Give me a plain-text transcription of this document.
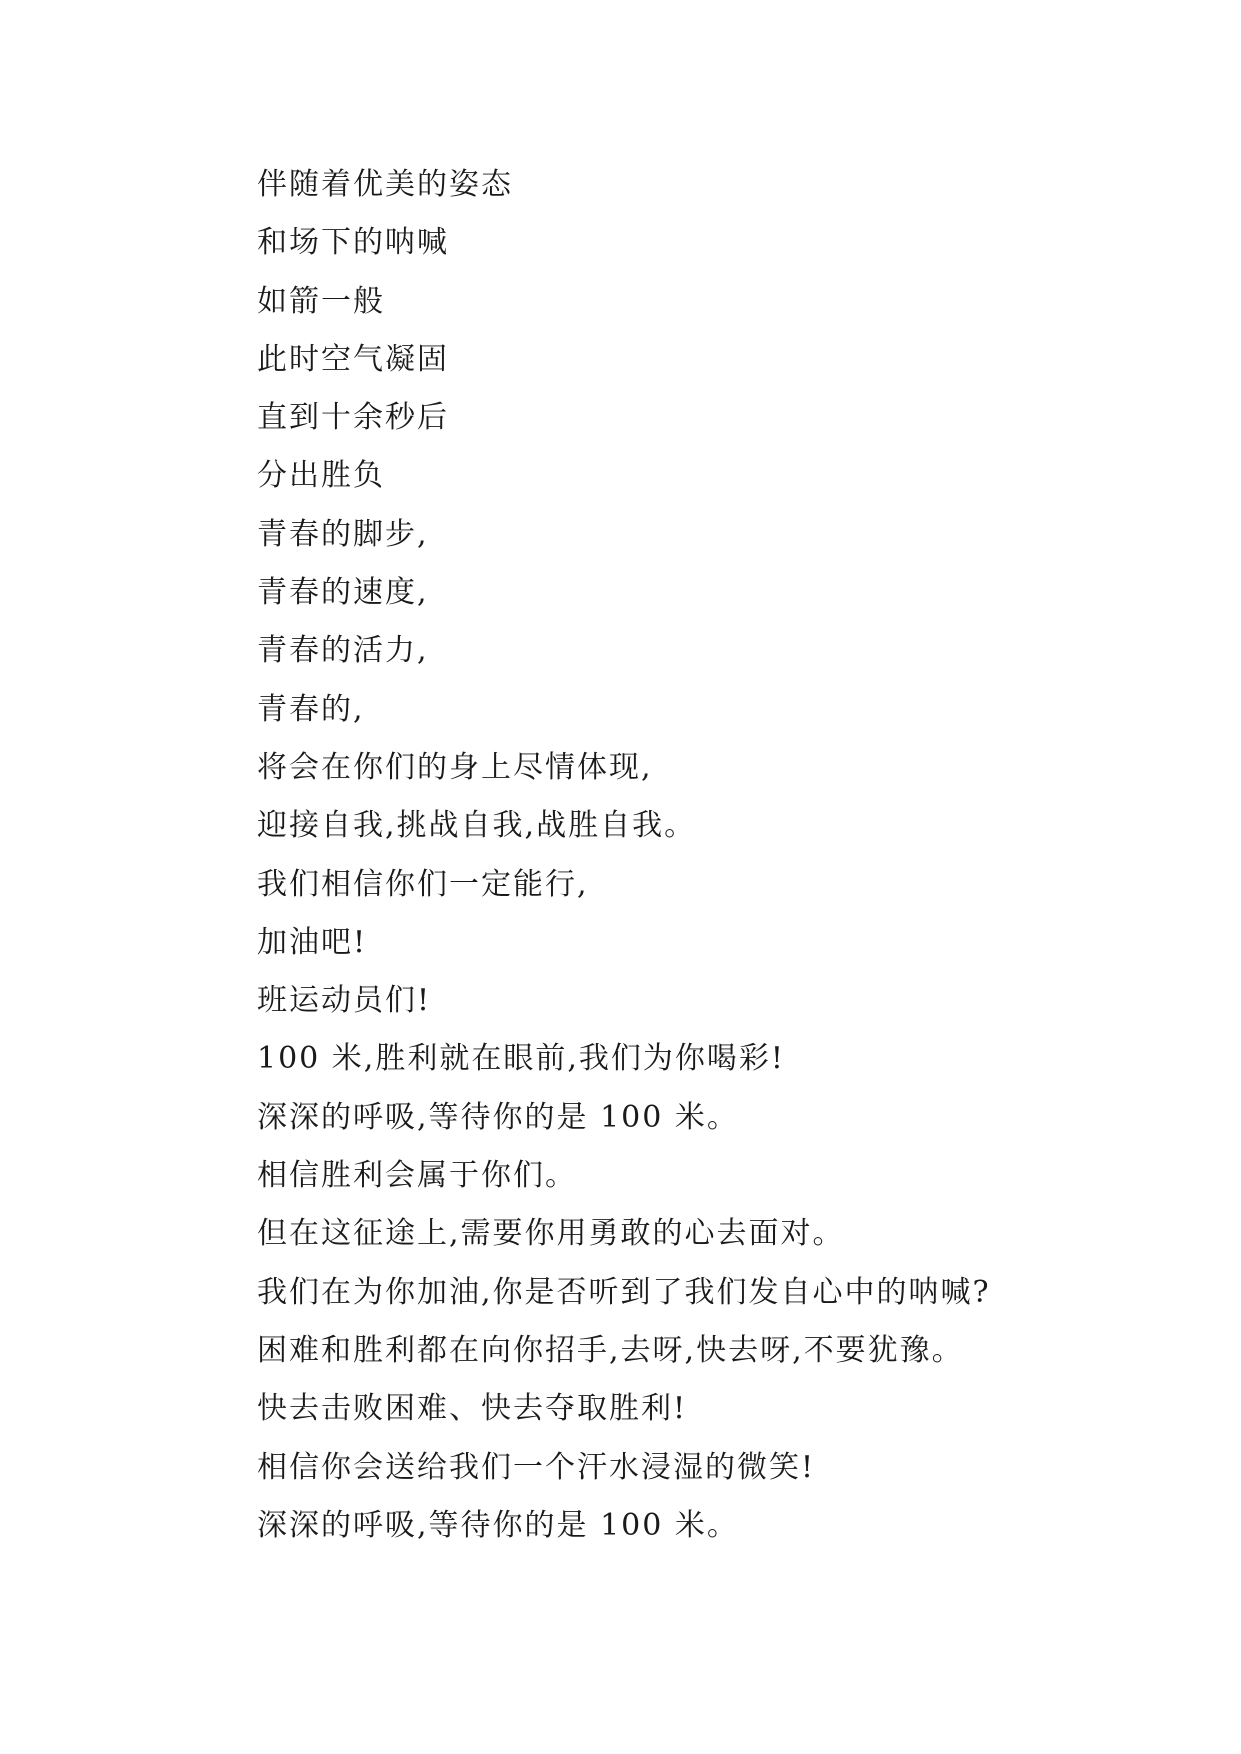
伴随着优美的姿态
和场下的呐喊
如箭一般
此时空气凝固
直到十余秒后
分出胜负
青春的脚步,
青春的速度,
青春的活力,
青春的,
将会在你们的身上尽情体现,
迎接自我,挑战自我,战胜自我。
我们相信你们一定能行,
加油吧!
班运动员们!
100 米,胜利就在眼前,我们为你喝彩!
深深的呼吸,等待你的是 100 米。
相信胜利会属于你们。
但在这征途上,需要你用勇敢的心去面对。
我们在为你加油,你是否听到了我们发自心中的呐喊?
困难和胜利都在向你招手,去呀,快去呀,不要犹豫。
快去击败困难、快去夺取胜利!
相信你会送给我们一个汗水浸湿的微笑!
深深的呼吸,等待你的是 100 米。
